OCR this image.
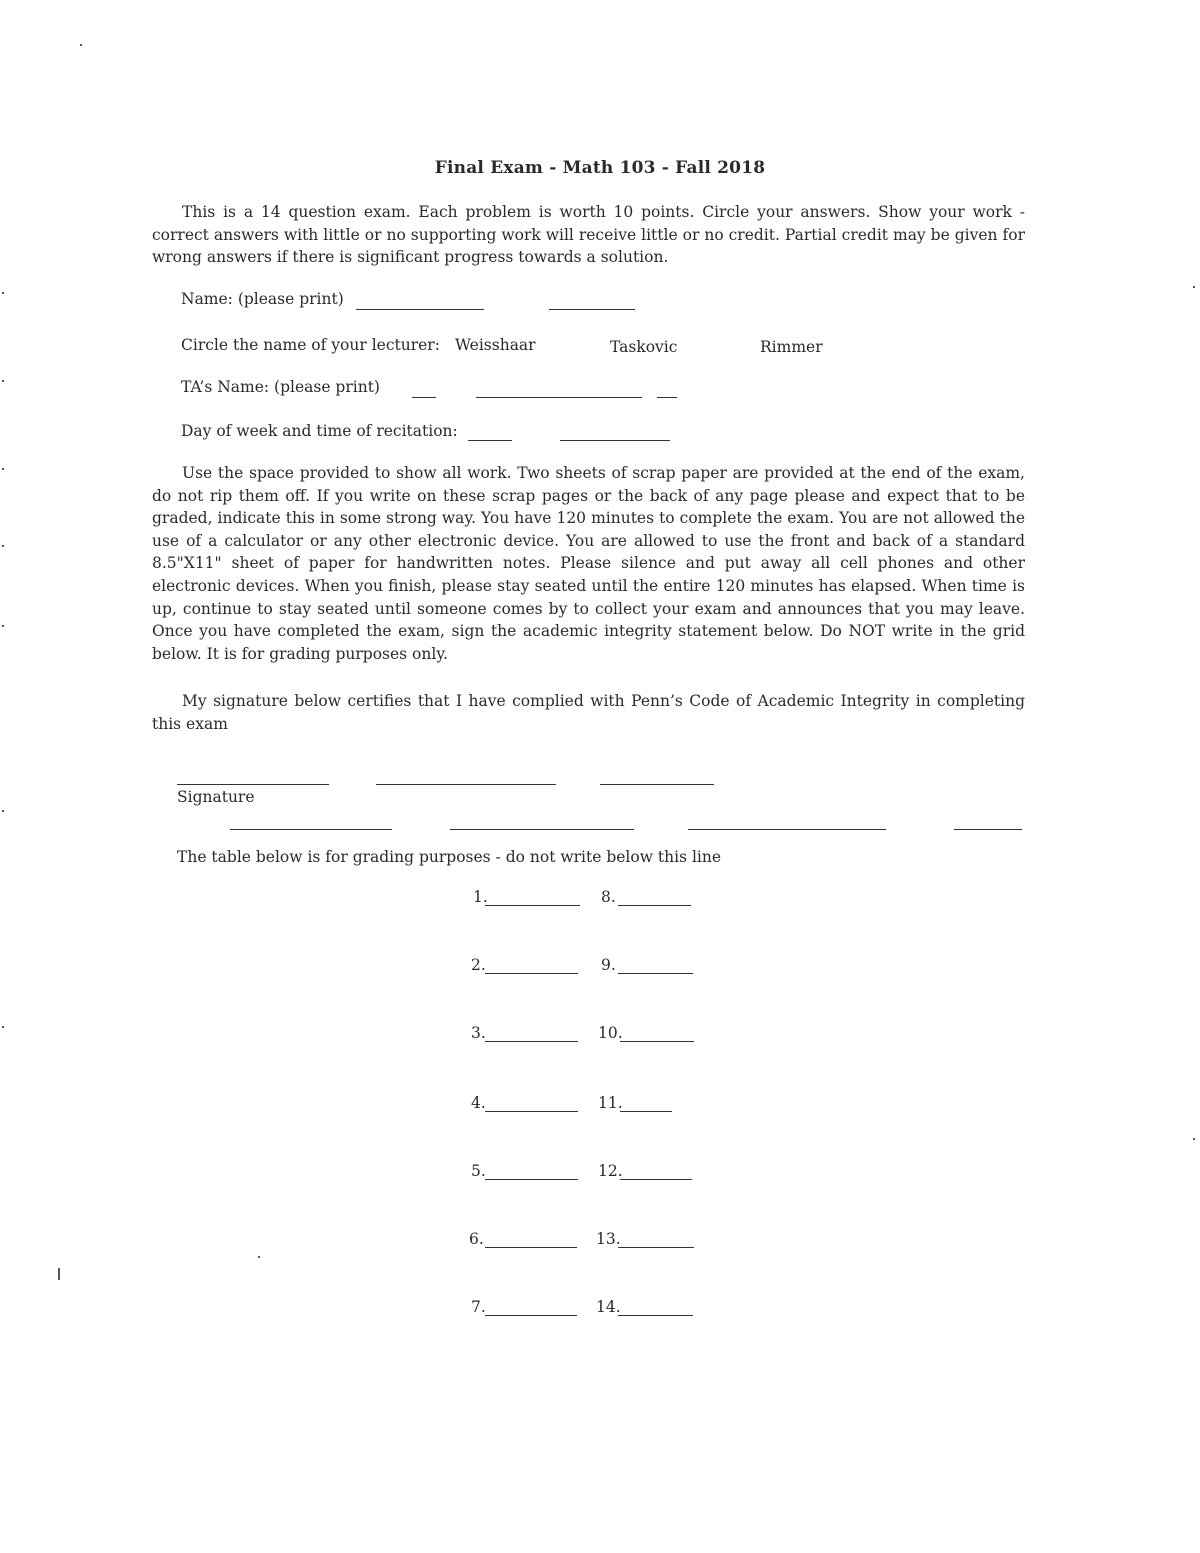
Final Exam - Math 103 - Fall 2018

This is a 14 question exam. Each problem is worth 10 points. Circle your answers. Show your work - correct answers with little or no supporting work will receive little or no credit. Partial credit may be given for wrong answers if there is significant progress towards a solution.

Name: (please print)
Circle the name of your lecturer: Weisshaar	Taskovic	Rimmer
TA’s Name: (please print)
Day of week and time of recitation:

Use the space provided to show all work. Two sheets of scrap paper are provided at the end of the exam, do not rip them off. If you write on these scrap pages or the back of any page please and expect that to be graded, indicate this in some strong way. You have 120 minutes to complete the exam. You are not allowed the use of a calculator or any other electronic device. You are allowed to use the front and back of a standard 8.5"X11" sheet of paper for handwritten notes. Please silence and put away all cell phones and other electronic devices. When you finish, please stay seated until the entire 120 minutes has elapsed. When time is up, continue to stay seated until someone comes by to collect your exam and announces that you may leave. Once you have completed the exam, sign the academic integrity statement below. Do NOT write in the grid below. It is for grading purposes only.

My signature below certifies that I have complied with Penn’s Code of Academic Integrity in completing this exam

Signature
The table below is for grading purposes - do not write below this line
1.	8.
2.	9.
3.	10.
4.	11.
5.	12.
6.	13.
7.	14.
